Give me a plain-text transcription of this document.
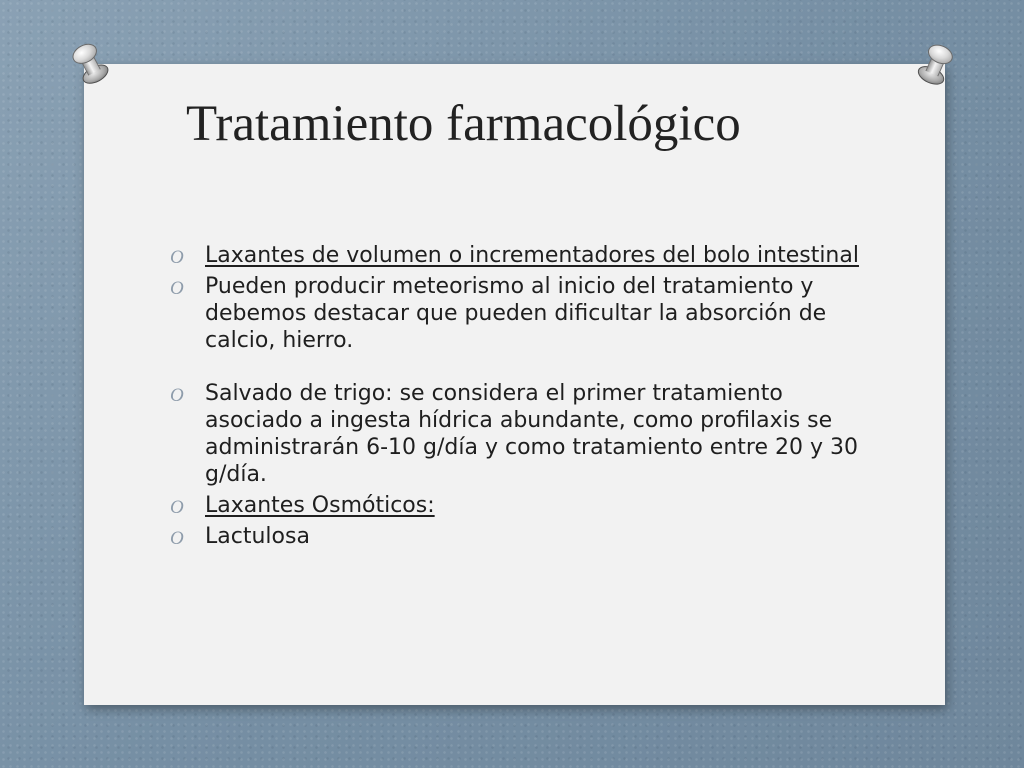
Tratamiento farmacológico
O Laxantes de volumen o incrementadores del bolo intestinal
O Pueden producir meteorismo al inicio del tratamiento y debemos destacar que pueden dificultar la absorción de calcio, hierro.
O Salvado de trigo: se considera el primer tratamiento asociado a ingesta hídrica abundante, como profilaxis se administrarán 6-10 g/día y como tratamiento entre 20 y 30 g/día.
O Laxantes Osmóticos:
O Lactulosa
